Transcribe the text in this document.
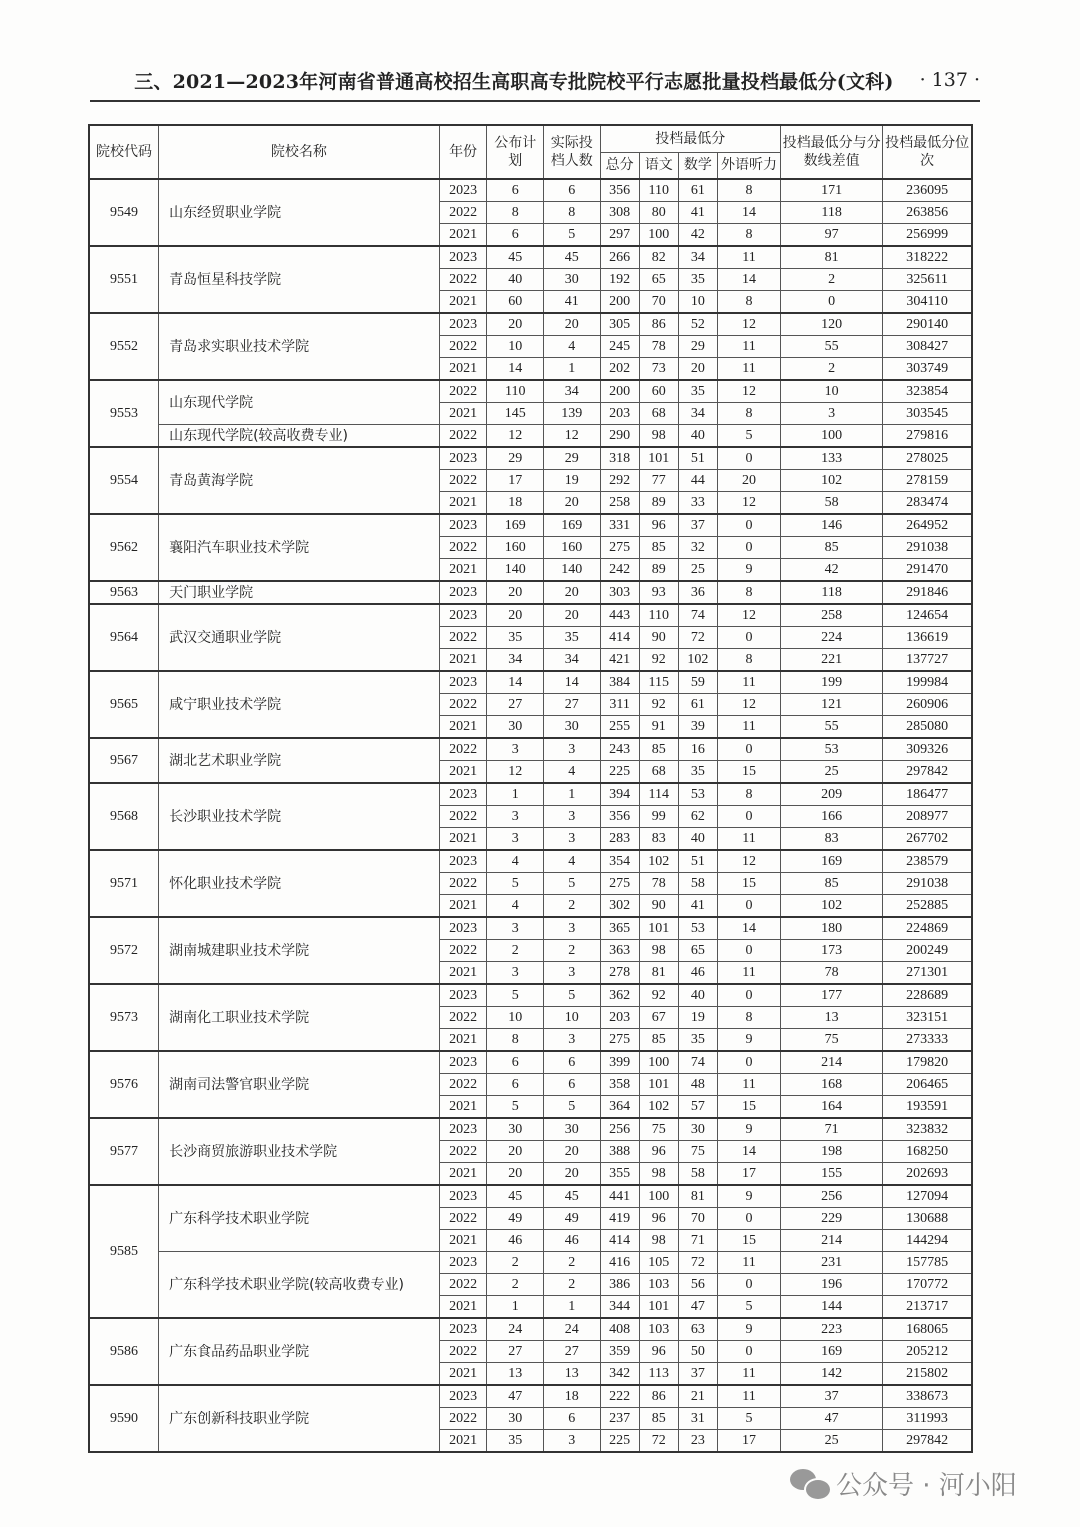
三、2021—2023年河南省普通高校招生高职高专批院校平行志愿批量投档最低分(文科) · 137 ·
院校代码	院校名称	年份	公布计划	实际投档人数	投档最低分				投档最低分与分数线差值	投档最低分位次
					总分	语文	数学	外语听力		
9549	山东经贸职业学院	2023	6	6	356	110	61	8	171	236095
		2022	8	8	308	80	41	14	118	263856
		2021	6	5	297	100	42	8	97	256999
9551	青岛恒星科技学院	2023	45	45	266	82	34	11	81	318222
		2022	40	30	192	65	35	14	2	325611
		2021	60	41	200	70	10	8	0	304110
9552	青岛求实职业技术学院	2023	20	20	305	86	52	12	120	290140
		2022	10	4	245	78	29	11	55	308427
		2021	14	1	202	73	20	11	2	303749
9553	山东现代学院	2022	110	34	200	60	35	12	10	323854
		2021	145	139	203	68	34	8	3	303545
	山东现代学院(较高收费专业)	2022	12	12	290	98	40	5	100	279816
9554	青岛黄海学院	2023	29	29	318	101	51	0	133	278025
		2022	17	19	292	77	44	20	102	278159
		2021	18	20	258	89	33	12	58	283474
9562	襄阳汽车职业技术学院	2023	169	169	331	96	37	0	146	264952
		2022	160	160	275	85	32	0	85	291038
		2021	140	140	242	89	25	9	42	291470
9563	天门职业学院	2023	20	20	303	93	36	8	118	291846
9564	武汉交通职业学院	2023	20	20	443	110	74	12	258	124654
		2022	35	35	414	90	72	0	224	136619
		2021	34	34	421	92	102	8	221	137727
9565	咸宁职业技术学院	2023	14	14	384	115	59	11	199	199984
		2022	27	27	311	92	61	12	121	260906
		2021	30	30	255	91	39	11	55	285080
9567	湖北艺术职业学院	2022	3	3	243	85	16	0	53	309326
		2021	12	4	225	68	35	15	25	297842
9568	长沙职业技术学院	2023	1	1	394	114	53	8	209	186477
		2022	3	3	356	99	62	0	166	208977
		2021	3	3	283	83	40	11	83	267702
9571	怀化职业技术学院	2023	4	4	354	102	51	12	169	238579
		2022	5	5	275	78	58	15	85	291038
		2021	4	2	302	90	41	0	102	252885
9572	湖南城建职业技术学院	2023	3	3	365	101	53	14	180	224869
		2022	2	2	363	98	65	0	173	200249
		2021	3	3	278	81	46	11	78	271301
9573	湖南化工职业技术学院	2023	5	5	362	92	40	0	177	228689
		2022	10	10	203	67	19	8	13	323151
		2021	8	3	275	85	35	9	75	273333
9576	湖南司法警官职业学院	2023	6	6	399	100	74	0	214	179820
		2022	6	6	358	101	48	11	168	206465
		2021	5	5	364	102	57	15	164	193591
9577	长沙商贸旅游职业技术学院	2023	30	30	256	75	30	9	71	323832
		2022	20	20	388	96	75	14	198	168250
		2021	20	20	355	98	58	17	155	202693
9585	广东科学技术职业学院	2023	45	45	441	100	81	9	256	127094
		2022	49	49	419	96	70	0	229	130688
		2021	46	46	414	98	71	15	214	144294
	广东科学技术职业学院(较高收费专业)	2023	2	2	416	105	72	11	231	157785
		2022	2	2	386	103	56	0	196	170772
		2021	1	1	344	101	47	5	144	213717
9586	广东食品药品职业学院	2023	24	24	408	103	63	9	223	168065
		2022	27	27	359	96	50	0	169	205212
		2021	13	13	342	113	37	11	142	215802
9590	广东创新科技职业学院	2023	47	18	222	86	21	11	37	338673
		2022	30	6	237	85	31	5	47	311993
		2021	35	3	225	72	23	17	25	297842
公众号 · 河小阳
